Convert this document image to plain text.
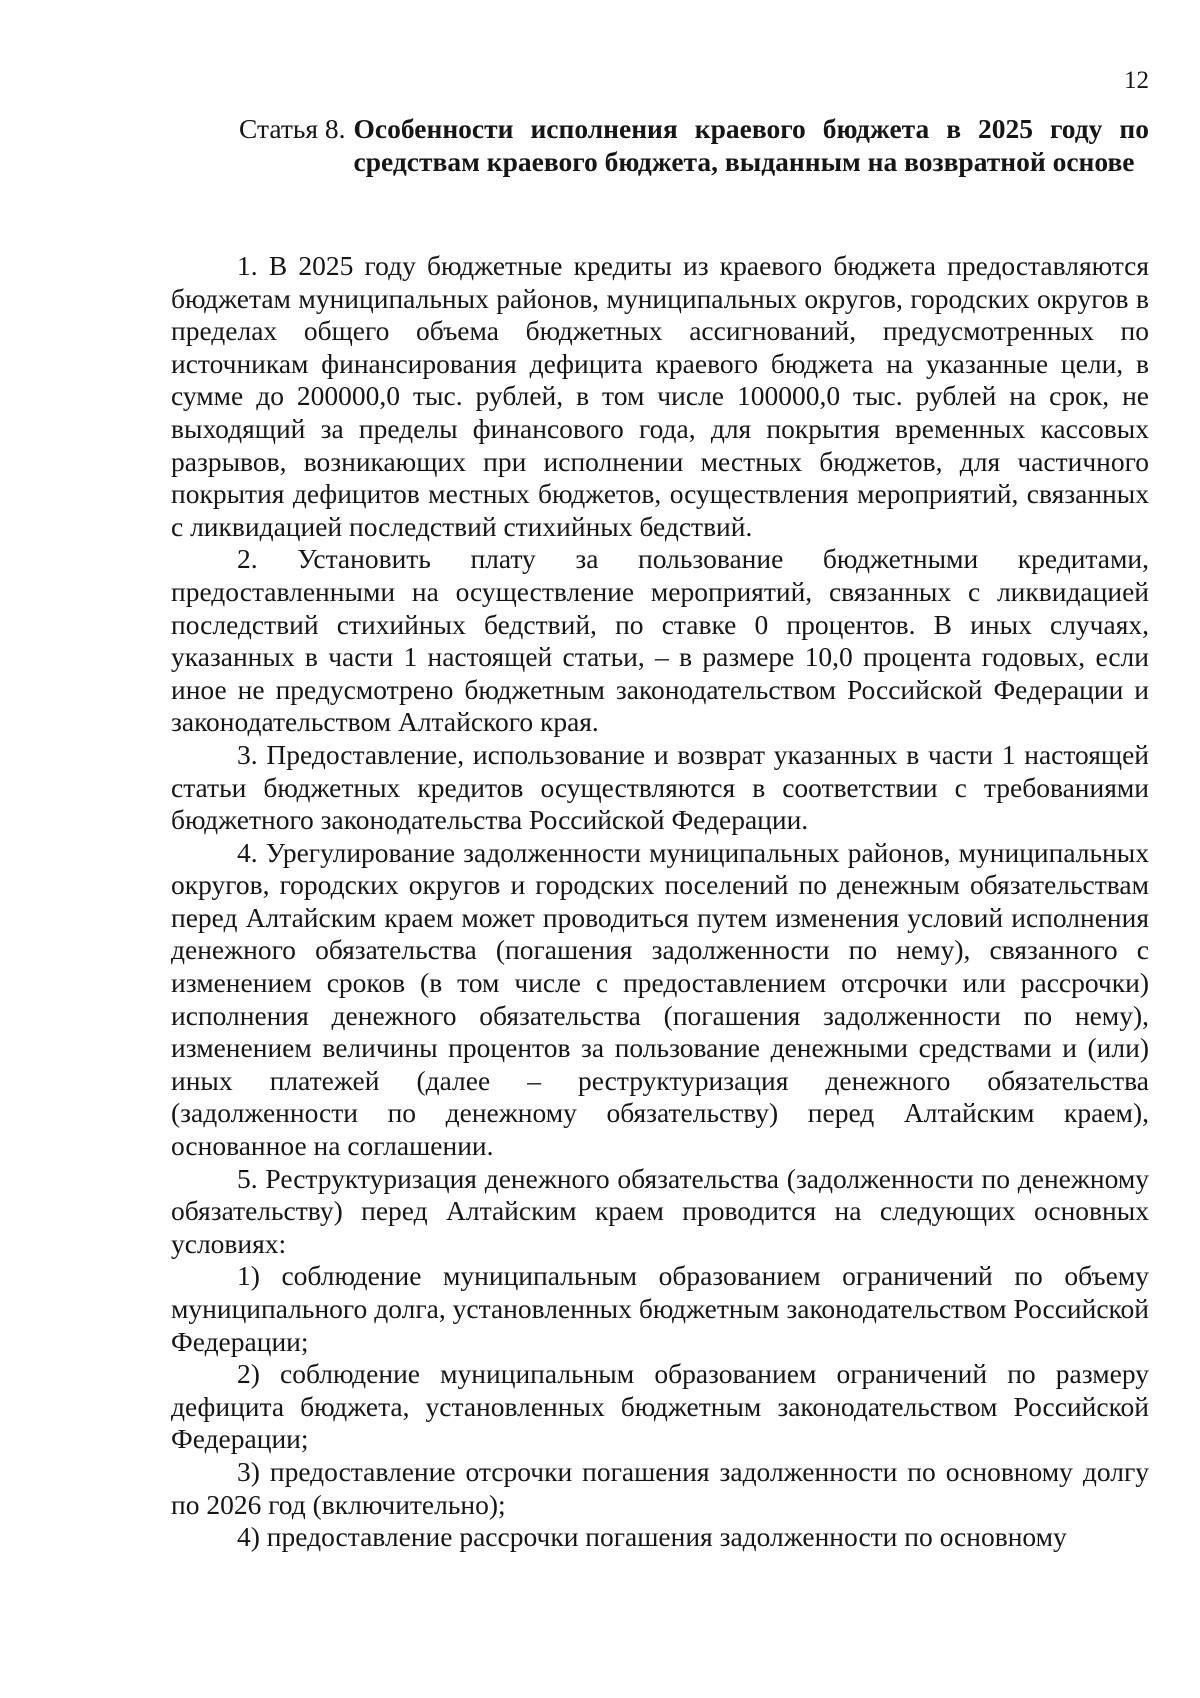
12
Статья 8. Особенности исполнения краевого бюджета в 2025 году по средствам краевого бюджета, выданным на возвратной основе

1. В 2025 году бюджетные кредиты из краевого бюджета предоставляются бюджетам муниципальных районов, муниципальных округов, городских округов в пределах общего объема бюджетных ассигнований, предусмотренных по источникам финансирования дефицита краевого бюджета на указанные цели, в сумме до 200000,0 тыс. рублей, в том числе 100000,0 тыс. рублей на срок, не выходящий за пределы финансового года, для покрытия временных кассовых разрывов, возникающих при исполнении местных бюджетов, для частичного покрытия дефицитов местных бюджетов, осуществления мероприятий, связанных с ликвидацией последствий стихийных бедствий.

2. Установить плату за пользование бюджетными кредитами, предоставленными на осуществление мероприятий, связанных с ликвидацией последствий стихийных бедствий, по ставке 0 процентов. В иных случаях, указанных в части 1 настоящей статьи, – в размере 10,0 процента годовых, если иное не предусмотрено бюджетным законодательством Российской Федерации и законодательством Алтайского края.

3. Предоставление, использование и возврат указанных в части 1 настоящей статьи бюджетных кредитов осуществляются в соответствии с требованиями бюджетного законодательства Российской Федерации.

4. Урегулирование задолженности муниципальных районов, муниципальных округов, городских округов и городских поселений по денежным обязательствам перед Алтайским краем может проводиться путем изменения условий исполнения денежного обязательства (погашения задолженности по нему), связанного с изменением сроков (в том числе с предоставлением отсрочки или рассрочки) исполнения денежного обязательства (погашения задолженности по нему), изменением величины процентов за пользование денежными средствами и (или) иных платежей (далее – реструктуризация денежного обязательства (задолженности по денежному обязательству) перед Алтайским краем), основанное на соглашении.

5. Реструктуризация денежного обязательства (задолженности по денежному обязательству) перед Алтайским краем проводится на следующих основных условиях:

1) соблюдение муниципальным образованием ограничений по объему муниципального долга, установленных бюджетным законодательством Российской Федерации;

2) соблюдение муниципальным образованием ограничений по размеру дефицита бюджета, установленных бюджетным законодательством Российской Федерации;

3) предоставление отсрочки погашения задолженности по основному долгу по 2026 год (включительно);

4) предоставление рассрочки погашения задолженности по основному
